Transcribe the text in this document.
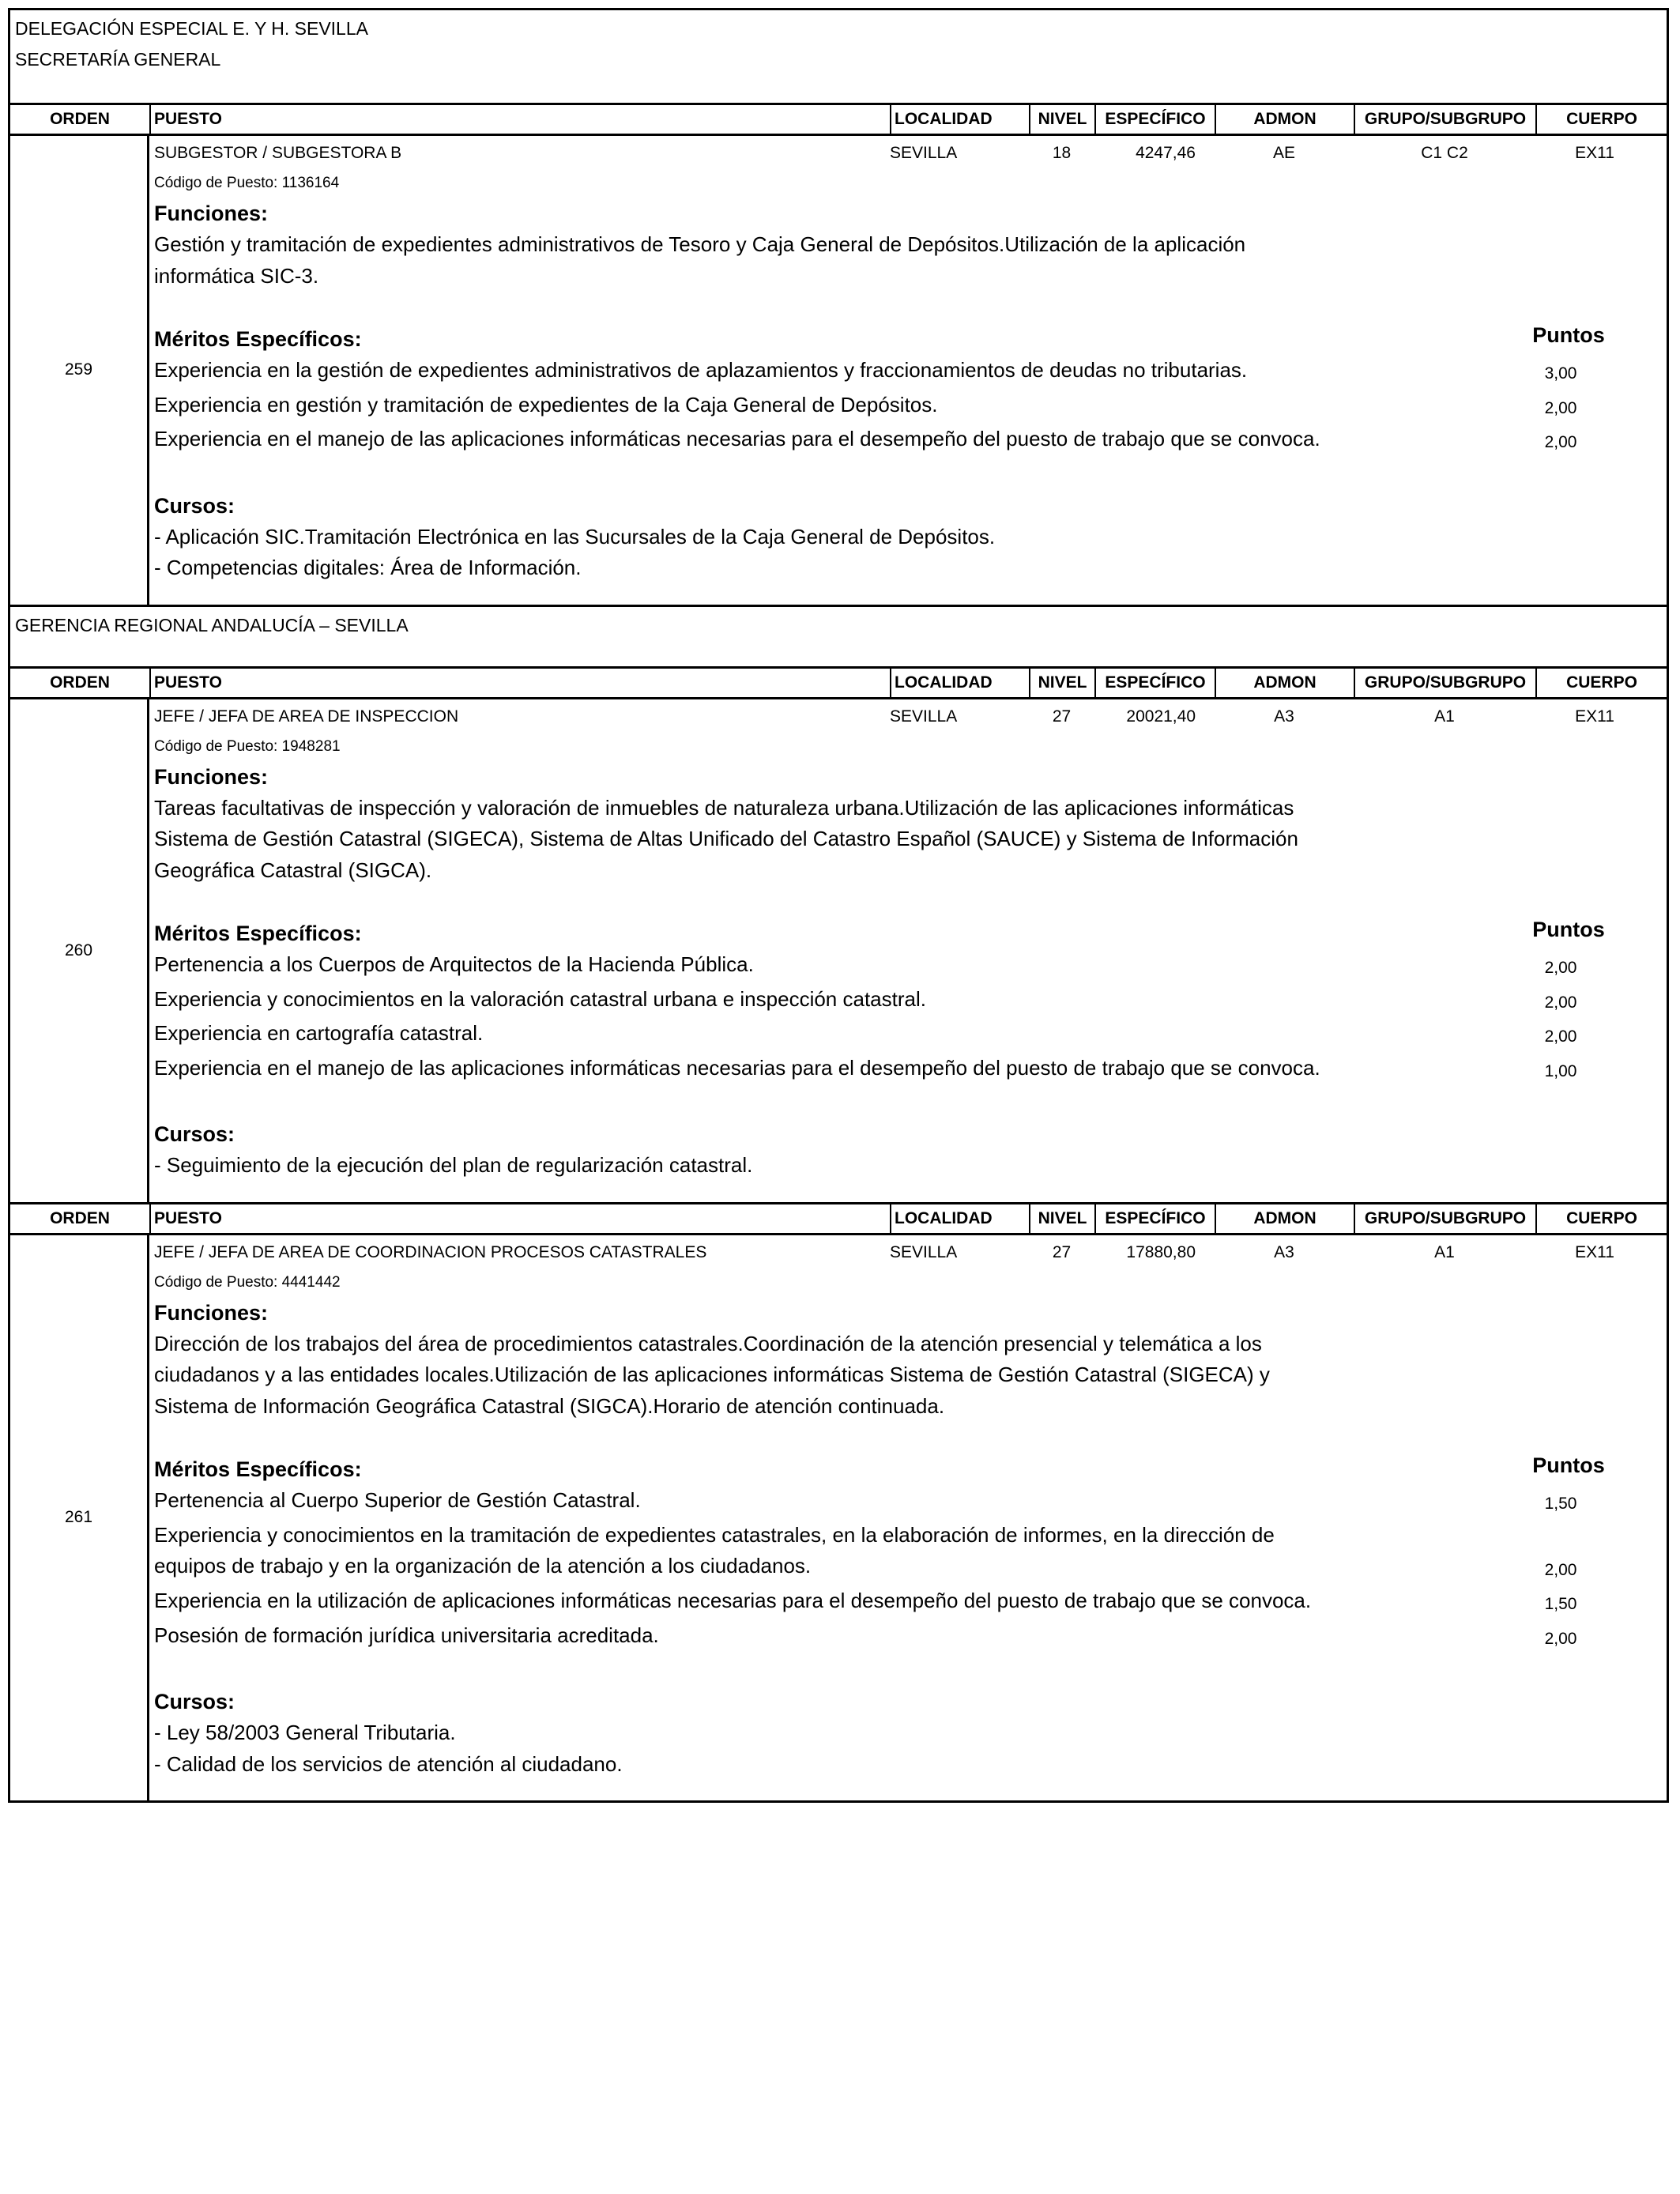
DELEGACIÓN ESPECIAL E. Y H. SEVILLA
SECRETARÍA GENERAL
ORDEN	PUESTO	LOCALIDAD	NIVEL	ESPECÍFICO	ADMON	GRUPO/SUBGRUPO	CUERPO
259
SUBGESTOR / SUBGESTORA B	SEVILLA	18	4247,46	AE	C1 C2	EX11
Código de Puesto: 1136164
Funciones:
Gestión y tramitación de expedientes administrativos de Tesoro y Caja General de Depósitos.Utilización de la aplicación
informática SIC-3.
Méritos Específicos:	Puntos
Experiencia en la gestión de expedientes administrativos de aplazamientos y fraccionamientos de deudas no tributarias.	3,00
Experiencia en gestión y tramitación de expedientes de la Caja General de Depósitos.	2,00
Experiencia en el manejo de las aplicaciones informáticas necesarias para el desempeño del puesto de trabajo que se convoca.	2,00
Cursos:
- Aplicación SIC.Tramitación Electrónica en las Sucursales de la Caja General de Depósitos.
- Competencias digitales: Área de Información.
GERENCIA REGIONAL ANDALUCÍA – SEVILLA
ORDEN	PUESTO	LOCALIDAD	NIVEL	ESPECÍFICO	ADMON	GRUPO/SUBGRUPO	CUERPO
260
JEFE / JEFA DE AREA DE INSPECCION	SEVILLA	27	20021,40	A3	A1	EX11
Código de Puesto: 1948281
Funciones:
Tareas facultativas de inspección y valoración de inmuebles de naturaleza urbana.Utilización de las aplicaciones informáticas
Sistema de Gestión Catastral (SIGECA), Sistema de Altas Unificado del Catastro Español (SAUCE) y Sistema de Información
Geográfica Catastral (SIGCA).
Méritos Específicos:	Puntos
Pertenencia a los Cuerpos de Arquitectos de la Hacienda Pública.	2,00
Experiencia y conocimientos en la valoración catastral urbana e inspección catastral.	2,00
Experiencia en cartografía catastral.	2,00
Experiencia en el manejo de las aplicaciones informáticas necesarias para el desempeño del puesto de trabajo que se convoca.	1,00
Cursos:
- Seguimiento de la ejecución del plan de regularización catastral.
ORDEN	PUESTO	LOCALIDAD	NIVEL	ESPECÍFICO	ADMON	GRUPO/SUBGRUPO	CUERPO
261
JEFE / JEFA DE AREA DE COORDINACION PROCESOS CATASTRALES	SEVILLA	27	17880,80	A3	A1	EX11
Código de Puesto: 4441442
Funciones:
Dirección de los trabajos del área de procedimientos catastrales.Coordinación de la atención presencial y telemática a los
ciudadanos y a las entidades locales.Utilización de las aplicaciones informáticas Sistema de Gestión Catastral (SIGECA) y
Sistema de Información Geográfica Catastral (SIGCA).Horario de atención continuada.
Méritos Específicos:	Puntos
Pertenencia al Cuerpo Superior de Gestión Catastral.	1,50
Experiencia y conocimientos en la tramitación de expedientes catastrales, en la elaboración de informes, en la dirección de
equipos de trabajo y en la organización de la atención a los ciudadanos.	2,00
Experiencia en la utilización de aplicaciones informáticas necesarias para el desempeño del puesto de trabajo que se convoca.	1,50
Posesión de formación jurídica universitaria acreditada.	2,00
Cursos:
- Ley 58/2003 General Tributaria.
- Calidad de los servicios de atención al ciudadano.
